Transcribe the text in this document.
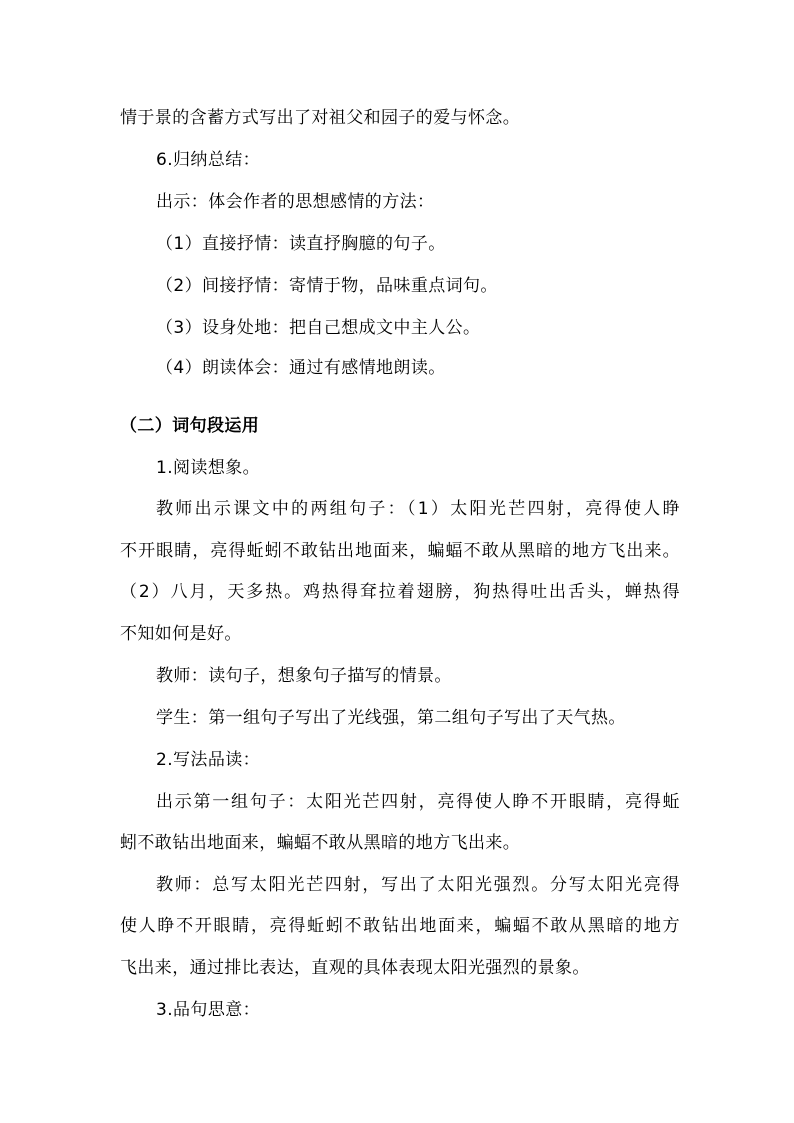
情于景的含蓄方式写出了对祖父和园子的爱与怀念。
6.归纳总结：
出示：体会作者的思想感情的方法：
（1）直接抒情：读直抒胸臆的句子。
（2）间接抒情：寄情于物，品味重点词句。
（3）设身处地：把自己想成文中主人公。
（4）朗读体会：通过有感情地朗读。
（二）词句段运用
1.阅读想象。
教师出示课文中的两组句子：（1）太阳光芒四射，亮得使人睁
不开眼睛，亮得蚯蚓不敢钻出地面来，蝙蝠不敢从黑暗的地方飞出来。
（2）八月，天多热。鸡热得耷拉着翅膀，狗热得吐出舌头，蝉热得
不知如何是好。
教师：读句子，想象句子描写的情景。
学生：第一组句子写出了光线强，第二组句子写出了天气热。
2.写法品读：
出示第一组句子：太阳光芒四射，亮得使人睁不开眼睛，亮得蚯
蚓不敢钻出地面来，蝙蝠不敢从黑暗的地方飞出来。
教师：总写太阳光芒四射，写出了太阳光强烈。分写太阳光亮得
使人睁不开眼睛，亮得蚯蚓不敢钻出地面来，蝙蝠不敢从黑暗的地方
飞出来，通过排比表达，直观的具体表现太阳光强烈的景象。
3.品句思意：
